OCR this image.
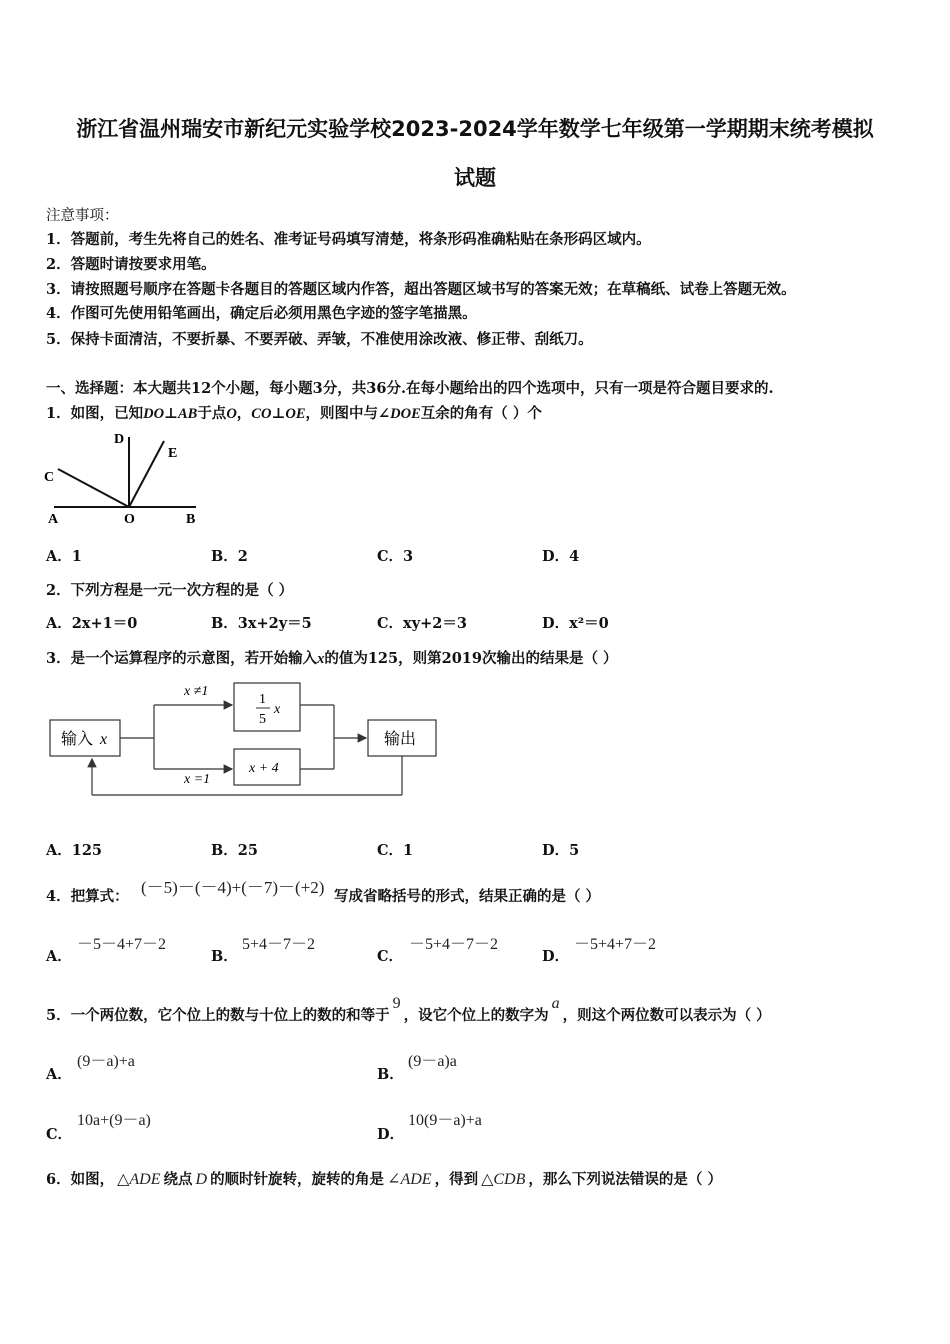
浙江省温州瑞安市新纪元实验学校2023-2024学年数学七年级第一学期期末统考模拟
试题
注意事项：
1．答题前，考生先将自己的姓名、准考证号码填写清楚，将条形码准确粘贴在条形码区域内。
2．答题时请按要求用笔。
3．请按照题号顺序在答题卡各题目的答题区域内作答，超出答题区域书写的答案无效；在草稿纸、试卷上答题无效。
4．作图可先使用铅笔画出，确定后必须用黑色字迹的签字笔描黑。
5．保持卡面清洁，不要折暴、不要弄破、弄皱，不准使用涂改液、修正带、刮纸刀。
一、选择题：本大题共12个小题，每小题3分，共36分.在每小题给出的四个选项中，只有一项是符合题目要求的.
1．如图，已知DO⊥AB于点O，CO⊥OE，则图中与∠DOE互余的角有（ ）个
D
E
C
A	O	B
A．1	B．2	C．3	D．4
2．下列方程是一元一次方程的是（ ）
A．2x+1＝0	B．3x+2y＝5	C．xy+2＝3	D．x²＝0
3．是一个运算程序的示意图，若开始输入x的值为125，则第2019次输出的结果是（ ）
输入 x
x ≠1
x =1
1
5
x
x + 4
输出
A．125	B．25	C．1	D．5
4．把算式： (－5)－(－4)+(－7)－(+2) 写成省略括号的形式，结果正确的是（ ）
A．
－5－4+7－2
B．
5+4－7－2
C．
－5+4－7－2
D．
－5+4+7－2
5．一个两位数，它个位上的数与十位上的数的和等于9，设它个位上的数字为a，则这个两位数可以表示为（ ）
A．
(9－a)+a
B．
(9－a)a
C．
10a+(9－a)
D．
10(9－a)+a
6．如图， △ADE 绕点 D 的顺时针旋转，旋转的角是 ∠ADE ，得到 △CDB ，那么下列说法错误的是（ ）
